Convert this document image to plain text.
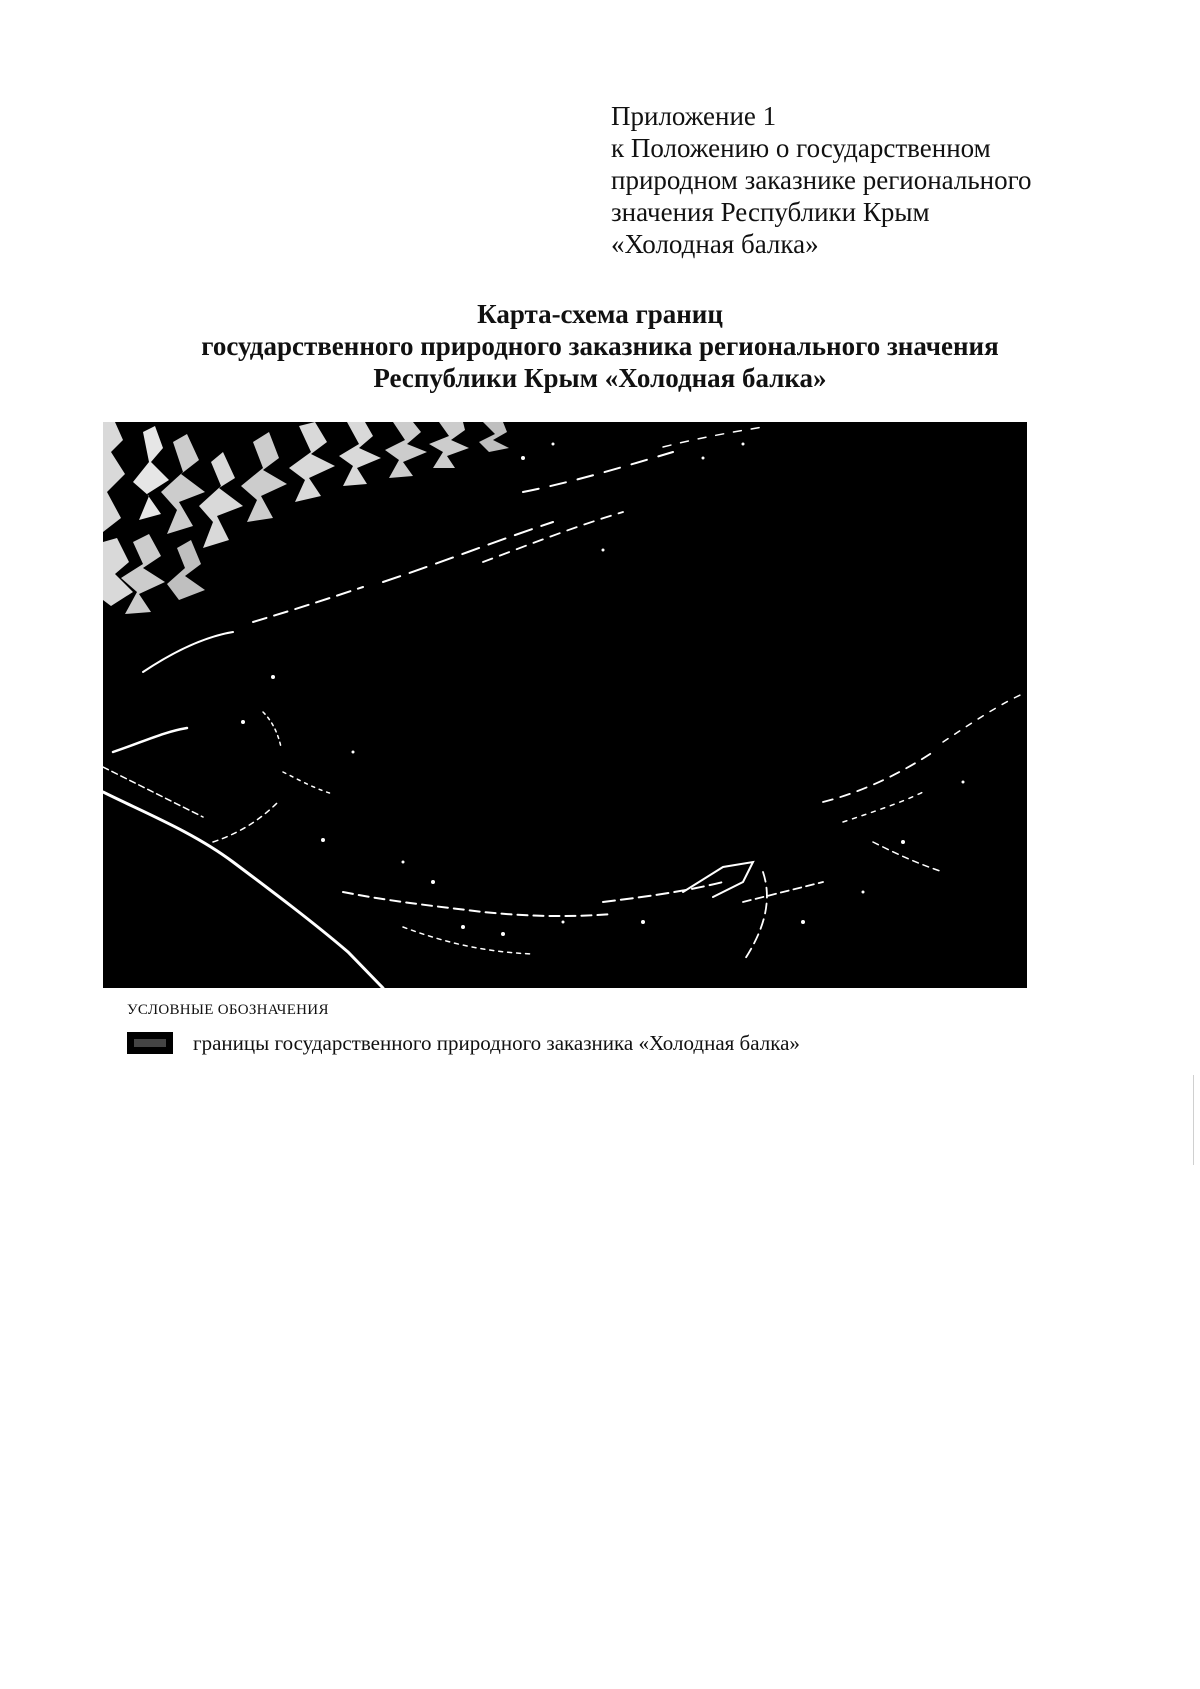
Приложение 1
к Положению о государственном
природном заказнике регионального
значения Республики Крым
«Холодная балка»
Карта-схема границ
государственного природного заказника регионального значения
Республики Крым «Холодная балка»
УСЛОВНЫЕ ОБОЗНАЧЕНИЯ
границы государственного природного заказника «Холодная балка»
